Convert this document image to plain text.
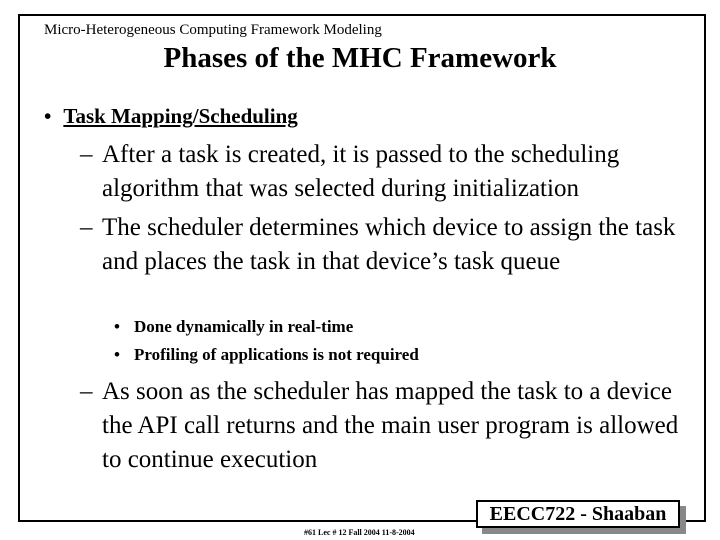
Micro-Heterogeneous Computing Framework Modeling
Phases of the MHC Framework
• Task Mapping/Scheduling
– After a task is created, it is passed to the scheduling algorithm that was selected during initialization
– The scheduler determines which device to assign the task and places the task in that device’s task queue
• Done dynamically in real-time
• Profiling of applications is not required
– As soon as the scheduler has mapped the task to a device the API call returns and the main user program is allowed to continue execution
EECC722 - Shaaban
#61 Lec # 12 Fall 2004 11-8-2004
